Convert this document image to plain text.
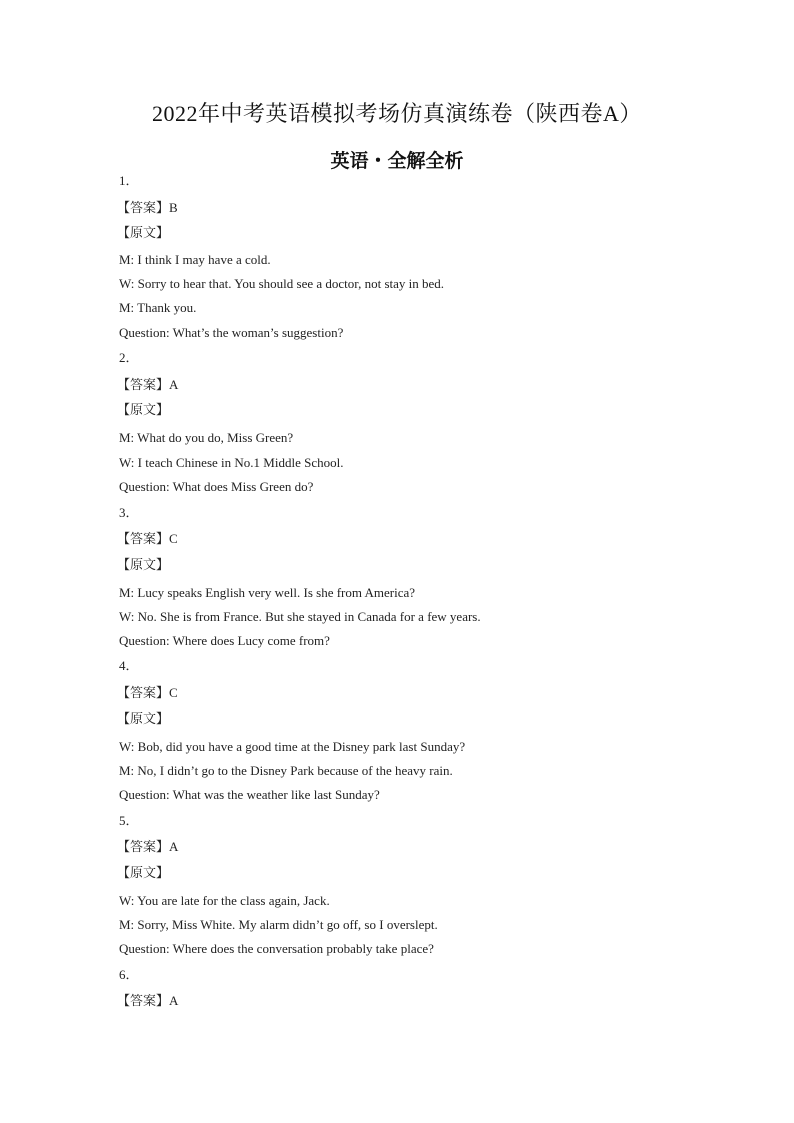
2022年中考英语模拟考场仿真演练卷（陕西卷A）
英语・全解全析
1．
【答案】B
【原文】
M: I think I may have a cold.
W: Sorry to hear that. You should see a doctor, not stay in bed.
M: Thank you.
Question: What’s the woman’s suggestion?
2．
【答案】A
【原文】
M: What do you do, Miss Green?
W: I teach Chinese in No.1 Middle School.
Question: What does Miss Green do?
3．
【答案】C
【原文】
M: Lucy speaks English very well. Is she from America?
W: No. She is from France. But she stayed in Canada for a few years.
Question: Where does Lucy come from?
4．
【答案】C
【原文】
W: Bob, did you have a good time at the Disney park last Sunday?
M: No, I didn’t go to the Disney Park because of the heavy rain.
Question: What was the weather like last Sunday?
5．
【答案】A
【原文】
W: You are late for the class again, Jack.
M: Sorry, Miss White. My alarm didn’t go off, so I overslept.
Question: Where does the conversation probably take place?
6．
【答案】A
